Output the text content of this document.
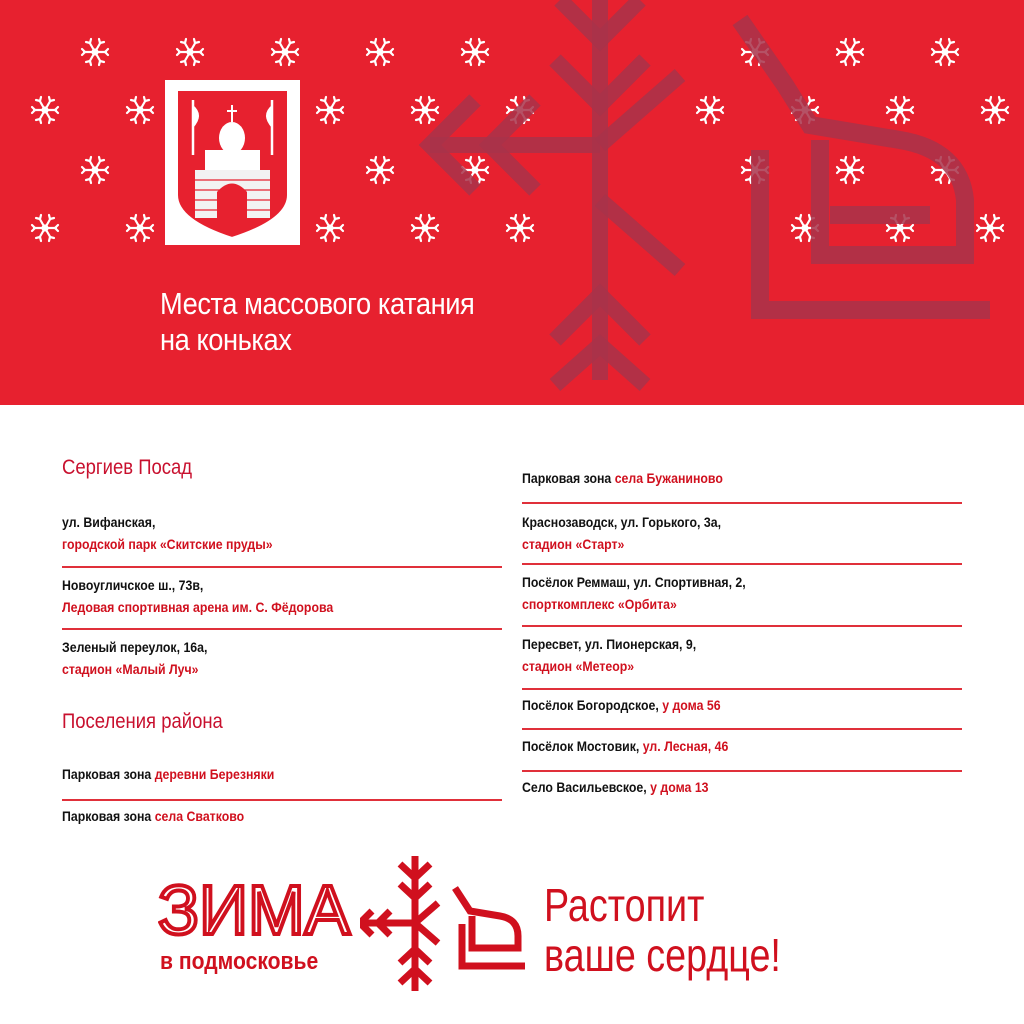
Места массового катания
на коньках
Сергиев Посад
ул. Вифанская,
городской парк «Скитские пруды»
Новоугличское ш., 73в,
Ледовая спортивная арена им. С. Фёдорова
Зеленый переулок, 16а,
стадион «Малый Луч»
Поселения района
Парковая зона деревни Березняки
Парковая зона села Сватково
Парковая зона села Бужаниново
Краснозаводск, ул. Горького, 3а,
стадион «Старт»
Посёлок Реммаш, ул. Спортивная, 2,
спорткомплекс «Орбита»
Пересвет, ул. Пионерская, 9,
стадион «Метеор»
Посёлок Богородское, у дома 56
Посёлок Мостовик, ул. Лесная, 46
Село Васильевское, у дома 13
ЗИМА
в подмосковье
Растопит
ваше сердце!
